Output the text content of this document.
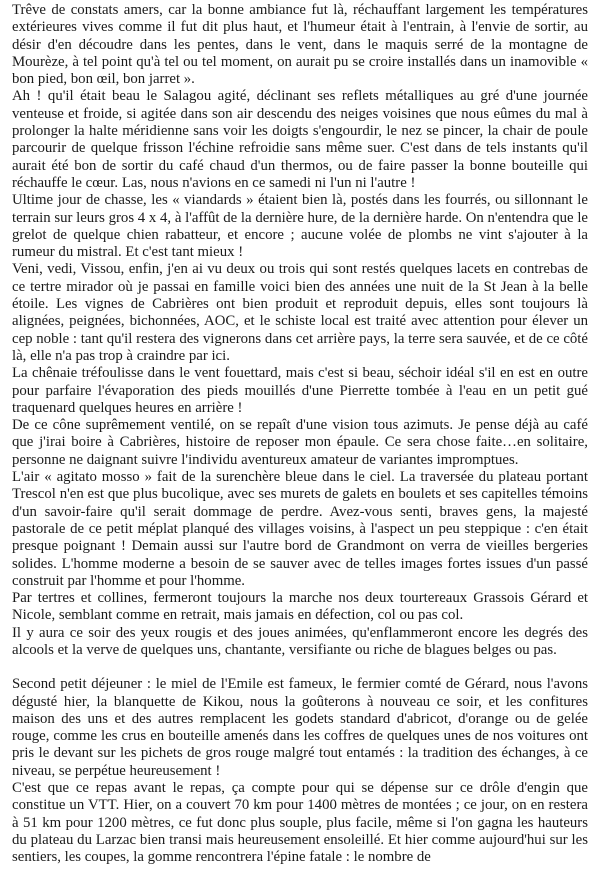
Trêve de constats amers, car la bonne ambiance fut là, réchauffant largement les températures extérieures vives comme il fut dit plus haut, et l'humeur était à l'entrain, à l'envie de sortir, au désir d'en découdre dans les pentes, dans le vent, dans le maquis serré de la montagne de Mourèze, à tel point qu'à tel ou tel moment, on aurait pu se croire installés dans un inamovible « bon pied, bon œil, bon jarret ».

Ah ! qu'il était beau le Salagou agité, déclinant ses reflets métalliques au gré d'une journée venteuse et froide, si agitée dans son air descendu des neiges voisines que nous eûmes du mal à prolonger la halte méridienne sans voir les doigts s'engourdir, le nez se pincer, la chair de poule parcourir de quelque frisson l'échine refroidie sans même suer. C'est dans de tels instants qu'il aurait été bon de sortir du café chaud d'un thermos, ou de faire passer la bonne bouteille qui réchauffe le cœur. Las, nous n'avions en ce samedi ni l'un ni l'autre !

Ultime jour de chasse, les « viandards » étaient bien là, postés dans les fourrés, ou sillonnant le terrain sur leurs gros 4 x 4, à l'affût de la dernière hure, de la dernière harde. On n'entendra que le grelot de quelque chien rabatteur, et encore ; aucune volée de plombs ne vint s'ajouter à la rumeur du mistral. Et c'est tant mieux !

Veni, vedi, Vissou, enfin, j'en ai vu deux ou trois qui sont restés quelques lacets en contrebas de ce tertre mirador où je passai en famille voici bien des années une nuit de la St Jean à la belle étoile. Les vignes de Cabrières ont bien produit et reproduit depuis, elles sont toujours là alignées, peignées, bichonnées, AOC, et le schiste local est traité avec attention pour élever un cep noble : tant qu'il restera des vignerons dans cet arrière pays, la terre sera sauvée, et de ce côté là, elle n'a pas trop à craindre par ici.

La chênaie tréfoulisse dans le vent fouettard, mais c'est si beau, séchoir idéal s'il en est en outre pour parfaire l'évaporation des pieds mouillés d'une Pierrette tombée à l'eau en un petit gué traquenard quelques heures en arrière !

De ce cône suprêmement ventilé, on se repaît d'une vision tous azimuts. Je pense déjà au café que j'irai boire à Cabrières, histoire de reposer mon épaule. Ce sera chose faite…en solitaire, personne ne daignant suivre l'individu aventureux amateur de variantes impromptues.

L'air « agitato mosso » fait de la surenchère bleue dans le ciel. La traversée du plateau portant Trescol n'en est que plus bucolique, avec ses murets de galets en boulets et ses capitelles témoins d'un savoir-faire qu'il serait dommage de perdre. Avez-vous senti, braves gens, la majesté pastorale de ce petit méplat planqué des villages voisins, à l'aspect un peu steppique : c'en était presque poignant ! Demain aussi sur l'autre bord de Grandmont on verra de vieilles bergeries solides. L'homme moderne a besoin de se sauver avec de telles images fortes issues d'un passé construit par l'homme et pour l'homme.

Par tertres et collines, fermeront toujours la marche nos deux tourtereaux Grassois Gérard et Nicole, semblant comme en retrait, mais jamais en défection, col ou pas col.

Il y aura ce soir des yeux rougis et des joues animées, qu'enflammeront encore les degrés des alcools et la verve de quelques uns, chantante, versifiante ou riche de blagues belges ou pas.

Second petit déjeuner : le miel de l'Emile est fameux, le fermier comté de Gérard, nous l'avons dégusté hier, la blanquette de Kikou, nous la goûterons à nouveau ce soir, et les confitures maison des uns et des autres remplacent les godets standard d'abricot, d'orange ou de gelée rouge, comme les crus en bouteille amenés dans les coffres de quelques unes de nos voitures ont pris le devant sur les pichets de gros rouge malgré tout entamés : la tradition des échanges, à ce niveau, se perpétue heureusement !

C'est que ce repas avant le repas, ça compte pour qui se dépense sur ce drôle d'engin que constitue un VTT. Hier, on a couvert 70 km pour 1400 mètres de montées ; ce jour, on en restera à 51 km pour 1200 mètres, ce fut donc plus souple, plus facile, même si l'on gagna les hauteurs du plateau du Larzac bien transi mais heureusement ensoleillé. Et hier comme aujourd'hui sur les sentiers, les coupes, la gomme rencontrera l'épine fatale : le nombre de
